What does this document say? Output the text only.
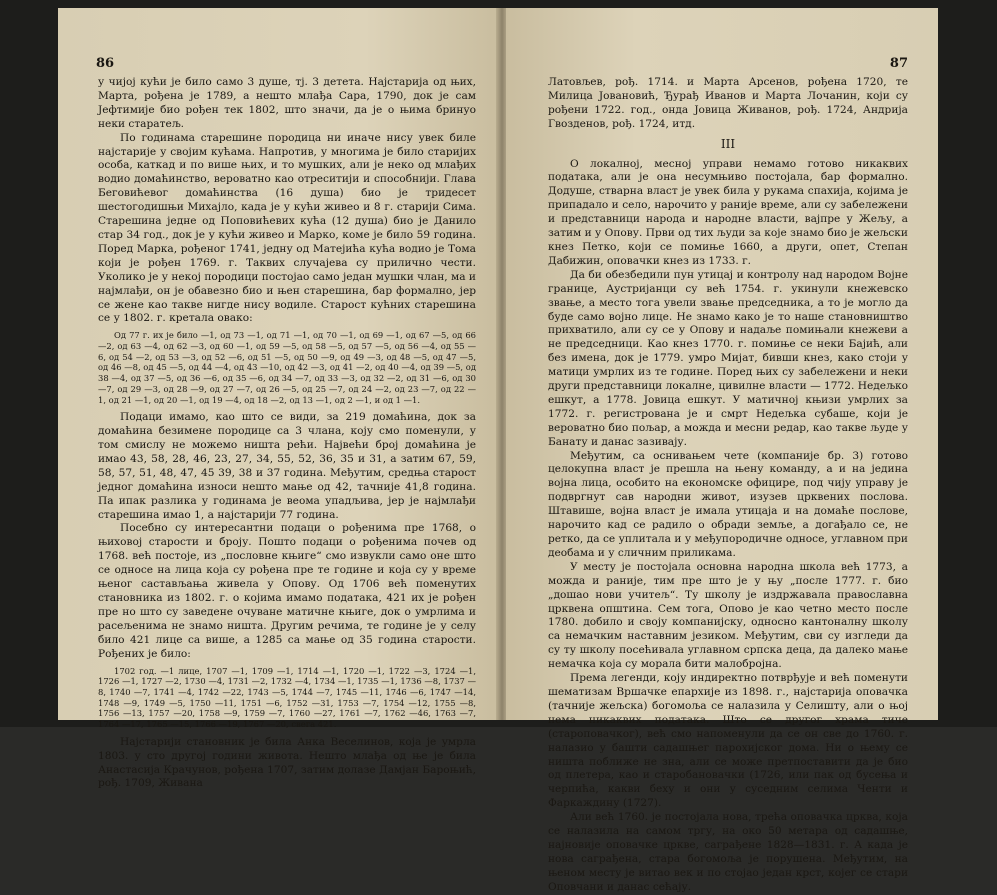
86

у чијој кући је било само 3 душе, тј. 3 детета. Најстарија од њих, Марта, рођена је 1789, а нешто млађа Сара, 1790, док је сам Јефтимије био рођен тек 1802, што значи, да је о њима бринуо неки старатељ.

По годинама старешине породица ни иначе нису увек биле најстарије у својим кућама. Напротив, у многима је било старијих особа, каткад и по више њих, и то мушких, али је неко од млађих водио домаћинство, вероватно као отреситији и способнији. Глава Беговићевог домаћинства (16 душа) био је тридесет шестогодишњи Михајло, када је у кући живео и 8 г. старији Сима. Старешина једне од Поповићевих кућа (12 душа) био је Данило стар 34 год., док је у кући живео и Марко, коме је било 59 година. Поред Марка, рођеног 1741, једну од Матејића кућа водио је Тома који је рођен 1769. г. Таквих случајева су прилично чести. Уколико је у некој породици постојао само један мушки члан, ма и најмлађи, он је обавезно био и њен старешина, бар формално, јер се жене као такве нигде нису водиле. Старост кућних старешина се у 1802. г. кретала овако:

Од 77 г. их је било —1, од 73 —1, од 71 —1, од 70 —1, од 69 —1, од 67 —5, од 66 —2, од 63 —4, од 62 —3, од 60 —1, од 59 —5, од 58 —5, од 57 —5, од 56 —4, од 55 —6, од 54 —2, од 53 —3, од 52 —6, од 51 —5, од 50 —9, од 49 —3, од 48 —5, од 47 —5, од 46 —8, од 45 —5, од 44 —4, од 43 —10, од 42 —3, од 41 —2, од 40 —4, од 39 —5, од 38 —4, од 37 —5, од 36 —6, од 35 —6, од 34 —7, од 33 —3, од 32 —2, од 31 —6, од 30 —7, од 29 —3, од 28 —9, од 27 —7, од 26 —5, од 25 —7, од 24 —2, од 23 —7, од 22 —1, од 21 —1, од 20 —1, од 19 —4, од 18 —2, од 13 —1, од 2 —1, и од 1 —1.

Подаци имамо, као што се види, за 219 домаћина, док за домаћина безимене породице са 3 члана, коју смо поменули, у том смислу не можемо ништа рећи. Највећи број домаћина је имао 43, 58, 28, 46, 23, 27, 34, 55, 52, 36, 35 и 31, а затим 67, 59, 58, 57, 51, 48, 47, 45 39, 38 и 37 година. Међутим, средња старост једног домаћина износи нешто мање од 42, тачније 41,8 година. Па ипак разлика у годинама је веома упадљива, јер је најмлађи старешина имао 1, а најстарији 77 година.

Посебно су интересантни подаци о рођенима пре 1768, о њиховој старости и броју. Пошто подаци о рођенима почев од 1768. већ постоје, из „пословне књиге“ смо извукли само оне што се односе на лица која су рођена пре те године и која су у време њеног састављања живела у Опову. Од 1706 већ поменутих становника из 1802. г. о којима имамо података, 421 их је рођен пре но што су заведене очуване матичне књиге, док о умрлима и расељенима не знамо ништа. Другим речима, те године је у селу било 421 лице са више, а 1285 са мање од 35 година старости. Рођених је било:

1702 год. —1 лице, 1707 —1, 1709 —1, 1714 —1, 1720 —1, 1722 —3, 1724 —1, 1726 —1, 1727 —2, 1730 —4, 1731 —2, 1732 —4, 1734 —1, 1735 —1, 1736 —8, 1737 —8, 1740 —7, 1741 —4, 1742 —22, 1743 —5, 1744 —7, 1745 —11, 1746 —6, 1747 —14, 1748 —9, 1749 —5, 1750 —11, 1751 —6, 1752 —31, 1753 —7, 1754 —12, 1755 —8, 1756 —13, 1757 —20, 1758 —9, 1759 —7, 1760 —27, 1761 —7, 1762 —46, 1763 —7, 1764 —17, 1765 —15, 1766 —19, 1767 —20, свега 421.

Најстарији становник је била Анка Веселинов, која је умрла 1803. у сто другој години живота. Нешто млађа од ње је била Анастасија Крачунов, рођена 1707, затим долазе Дамјан Бароњић, рођ. 1709, Живана

87

Латовљев, рођ. 1714. и Марта Арсенов, рођена 1720, те Милица Јовановић, Ђурађ Иванов и Марта Лочанин, који су рођени 1722. год., онда Јовица Живанов, рођ. 1724, Андрија Гвозденов, рођ. 1724, итд.

III

О локалној, месној управи немамо готово никаквих података, али је она несумњиво постојала, бар формално. Додуше, стварна власт је увек била у рукама спахија, којима је припадало и село, нарочито у раније време, али су забележени и представници народа и народне власти, вајпре у Жељу, а затим и у Опову. Први од тих људи за које знамо био је жељски кнез Петко, који се помиње 1660, а други, опет, Степан Дабижин, оповачки кнез из 1733. г.

Да би обезбедили пун утицај и контролу над народом Војне границе, Аустријанци су већ 1754. г. укинули кнежевско звање, а место тога увели звање председника, а то је могло да буде само војно лице. Не знамо како је то наше становништво прихватило, али су се у Опову и надаље помињали кнежеви а не председници. Као кнез 1770. г. помиње се неки Бајић, али без имена, док је 1779. умро Мијат, бивши кнез, како стоји у матици умрлих из те године. Поред њих су забележени и неки други представници локалне, цивилне власти — 1772. Недељко ешкут, а 1778. Јовица ешкут. У матичној књизи умрлих за 1772. г. регистрована је и смрт Недељка субаше, који је вероватно био пољар, а можда и месни редар, као такве људе у Банату и данас зазивају.

Међутим, са оснивањем чете (компаније бр. 3) готово целокупна власт је прешла на њену команду, а и на једина војна лица, особито на економске официре, под чију управу је подвргнут сав народни живот, изузев црквених послова. Штавише, војна власт је имала утицаја и на домаће послове, нарочито кад се радило о обради земље, а догађало се, не ретко, да се уплитала и у међупородичне односе, углавном при деобама и у сличним приликама.

У месту је постојала основна народна школа већ 1773, а можда и раније, тим пре што је у њу „после 1777. г. био „дошао нови учитељ“. Ту школу је издржавала православна црквена општина. Сем тога, Опово је као четно место после 1780. добило и своју компанијску, односно кантоналну школу са немачким наставним језиком. Међутим, сви су изгледи да су ту школу посећивала углавном српска деца, да далеко мање немачка која су морала бити малобројна.

Према легенди, коју индиректно потврђује и већ поменути шематизам Вршачке епархије из 1898. г., најстарија оповачка (тачније жељска) богомоља се налазила у Селишту, али о њој нема никаквих података. Што се другог храма тиче (староповачког), већ смо напоменули да се он све до 1760. г. налазио у башти садашњег парохијског дома. Ни о њему се ништа поближе не зна, али се може претпоставити да је био од плетера, као и старобановачки (1726, или пак од бусења и черпића, какви беху и они у суседним селима Ченти и Фаркаждину (1727).

Али већ 1760. је постојала нова, трећа оповачка црква, која се налазила на самом тргу, на око 50 метара од садашње, најновије оповачке цркве, саграђене 1828—1831. г. А када је нова саграђена, стара богомоља је порушена. Међутим, на њеном месту је витао век и по стојао један крст, којег се стари Оповчани и данас сећају.
